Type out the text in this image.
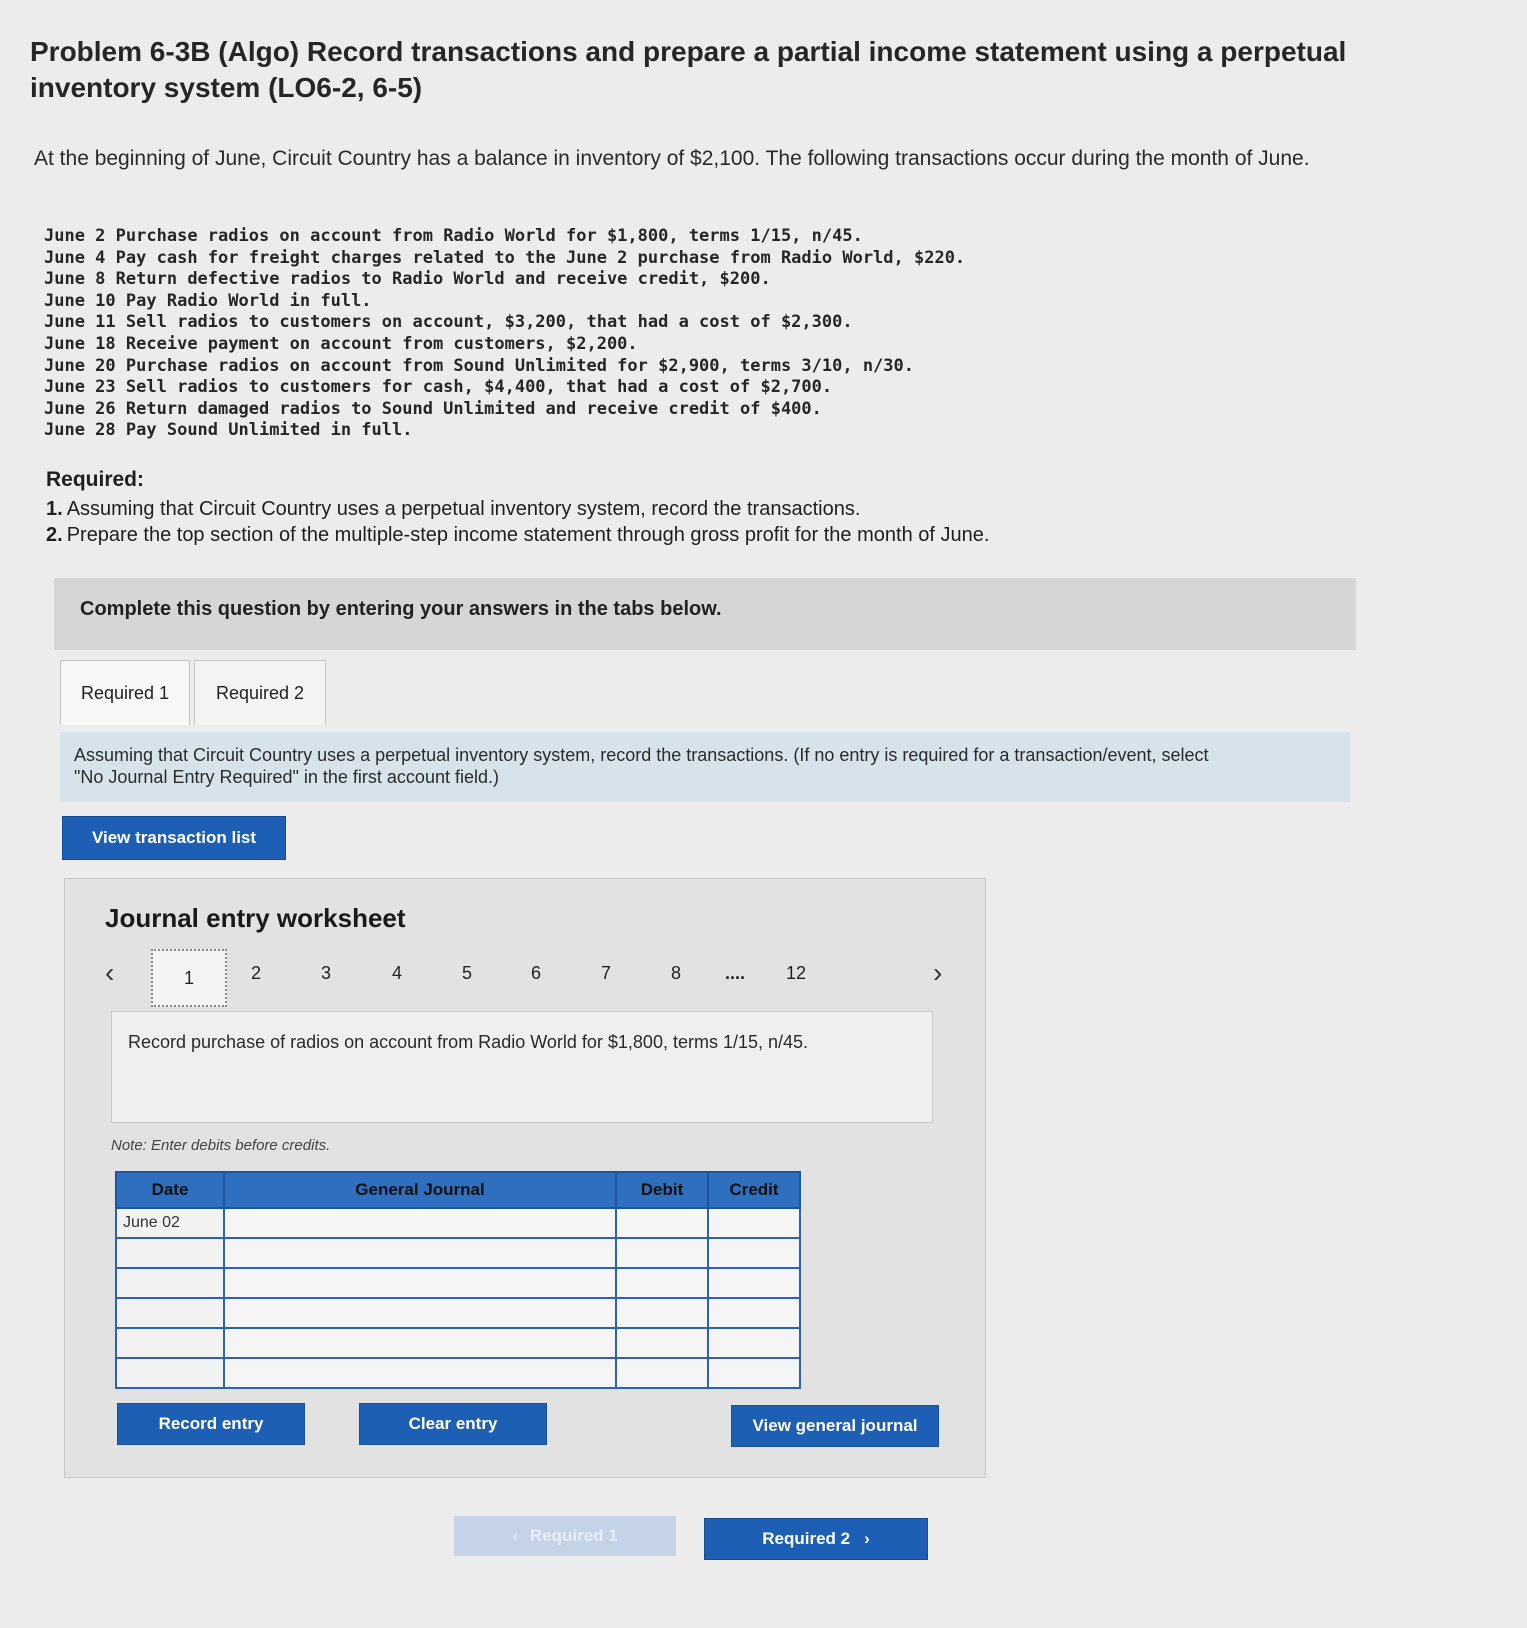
Problem 6-3B (Algo) Record transactions and prepare a partial income statement using a perpetual inventory system (LO6-2, 6-5)
At the beginning of June, Circuit Country has a balance in inventory of $2,100. The following transactions occur during the month of June.
June 2 Purchase radios on account from Radio World for $1,800, terms 1/15, n/45.
June 4 Pay cash for freight charges related to the June 2 purchase from Radio World, $220.
June 8 Return defective radios to Radio World and receive credit, $200.
June 10 Pay Radio World in full.
June 11 Sell radios to customers on account, $3,200, that had a cost of $2,300.
June 18 Receive payment on account from customers, $2,200.
June 20 Purchase radios on account from Sound Unlimited for $2,900, terms 3/10, n/30.
June 23 Sell radios to customers for cash, $4,400, that had a cost of $2,700.
June 26 Return damaged radios to Sound Unlimited and receive credit of $400.
June 28 Pay Sound Unlimited in full.
Required:
1. Assuming that Circuit Country uses a perpetual inventory system, record the transactions.
2. Prepare the top section of the multiple-step income statement through gross profit for the month of June.
Complete this question by entering your answers in the tabs below.
Required 1	Required 2
Assuming that Circuit Country uses a perpetual inventory system, record the transactions. (If no entry is required for a transaction/event, select "No Journal Entry Required" in the first account field.)
View transaction list
Journal entry worksheet
‹	1	2	3	4	5	6	7	8	....	12	›
Record purchase of radios on account from Radio World for $1,800, terms 1/15, n/45.
Note: Enter debits before credits.
Date	General Journal	Debit	Credit
June 02			

Record entry	Clear entry	View general journal
‹ Required 1	Required 2 ›
